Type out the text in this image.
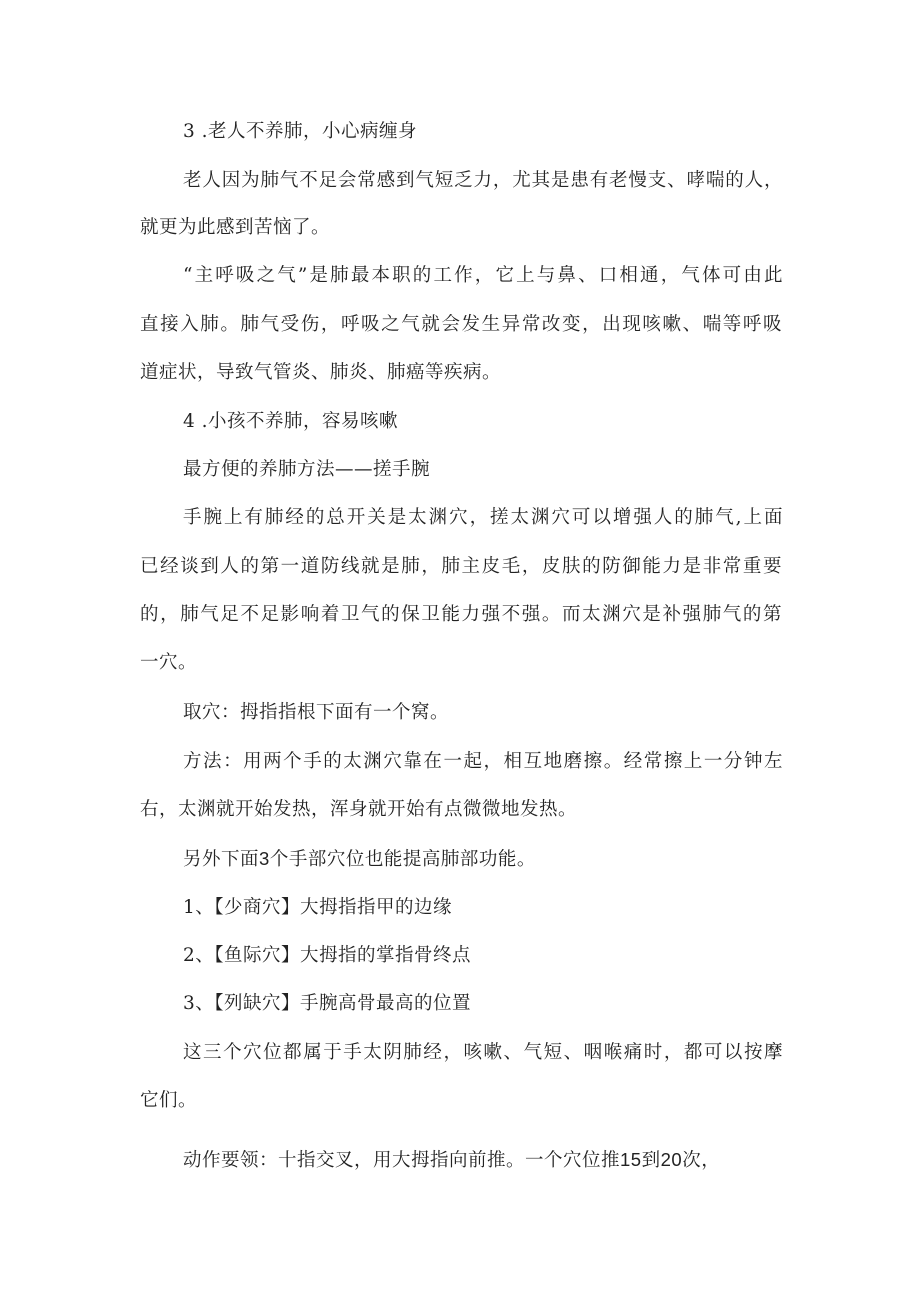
3 .老人不养肺，小心病缠身
老人因为肺气不足会常感到气短乏力，尤其是患有老慢支、哮喘的人，
就更为此感到苦恼了。
“主呼吸之气”是肺最本职的工作，它上与鼻、口相通，气体可由此
直接入肺。肺气受伤，呼吸之气就会发生异常改变，出现咳嗽、喘等呼吸
道症状，导致气管炎、肺炎、肺癌等疾病。
4 .小孩不养肺，容易咳嗽
最方便的养肺方法——搓手腕
手腕上有肺经的总开关是太渊穴，搓太渊穴可以增强人的肺气,上面
已经谈到人的第一道防线就是肺，肺主皮毛，皮肤的防御能力是非常重要
的，肺气足不足影响着卫气的保卫能力强不强。而太渊穴是补强肺气的第
一穴。
取穴：拇指指根下面有一个窝。
方法：用两个手的太渊穴靠在一起，相互地磨擦。经常擦上一分钟左
右，太渊就开始发热，浑身就开始有点微微地发热。
另外下面3个手部穴位也能提高肺部功能。
1、【少商穴】大拇指指甲的边缘
2、【鱼际穴】大拇指的掌指骨终点
3、【列缺穴】手腕高骨最高的位置
这三个穴位都属于手太阴肺经，咳嗽、气短、咽喉痛时，都可以按摩
它们。
动作要领：十指交叉，用大拇指向前推。一个穴位推15到20次，
